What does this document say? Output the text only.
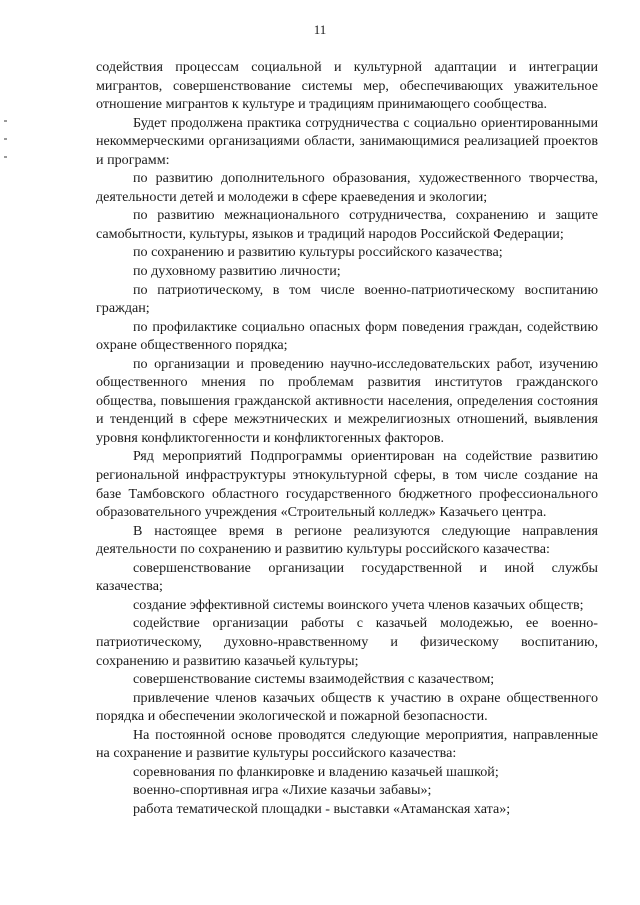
11

содействия процессам социальной и культурной адаптации и интеграции мигрантов, совершенствование системы мер, обеспечивающих уважительное отношение мигрантов к культуре и традициям принимающего сообщества.

Будет продолжена практика сотрудничества с социально ориентированными некоммерческими организациями области, занимающимися реализацией проектов и программ:

по развитию дополнительного образования, художественного творчества, деятельности детей и молодежи в сфере краеведения и экологии;

по развитию межнационального сотрудничества, сохранению и защите самобытности, культуры, языков и традиций народов Российской Федерации;

по сохранению и развитию культуры российского казачества;

по духовному развитию личности;

по патриотическому, в том числе военно-патриотическому воспитанию граждан;

по профилактике социально опасных форм поведения граждан, содействию охране общественного порядка;

по организации и проведению научно-исследовательских работ, изучению общественного мнения по проблемам развития институтов гражданского общества, повышения гражданской активности населения, определения состояния и тенденций в сфере межэтнических и межрелигиозных отношений, выявления уровня конфликтогенности и конфликтогенных факторов.

Ряд мероприятий Подпрограммы ориентирован на содействие развитию региональной инфраструктуры этнокультурной сферы, в том числе создание на базе Тамбовского областного государственного бюджетного профессионального образовательного учреждения «Строительный колледж» Казачьего центра.

В настоящее время в регионе реализуются следующие направления деятельности по сохранению и развитию культуры российского казачества:

совершенствование организации государственной и иной службы казачества;

создание эффективной системы воинского учета членов казачьих обществ;

содействие организации работы с казачьей молодежью, ее военно-патриотическому, духовно-нравственному и физическому воспитанию, сохранению и развитию казачьей культуры;

совершенствование системы взаимодействия с казачеством;

привлечение членов казачьих обществ к участию в охране общественного порядка и обеспечении экологической и пожарной безопасности.

На постоянной основе проводятся следующие мероприятия, направленные на сохранение и развитие культуры российского казачества:

соревнования по фланкировке и владению казачьей шашкой;

военно-спортивная игра «Лихие казачьи забавы»;

работа тематической площадки - выставки «Атаманская хата»;
